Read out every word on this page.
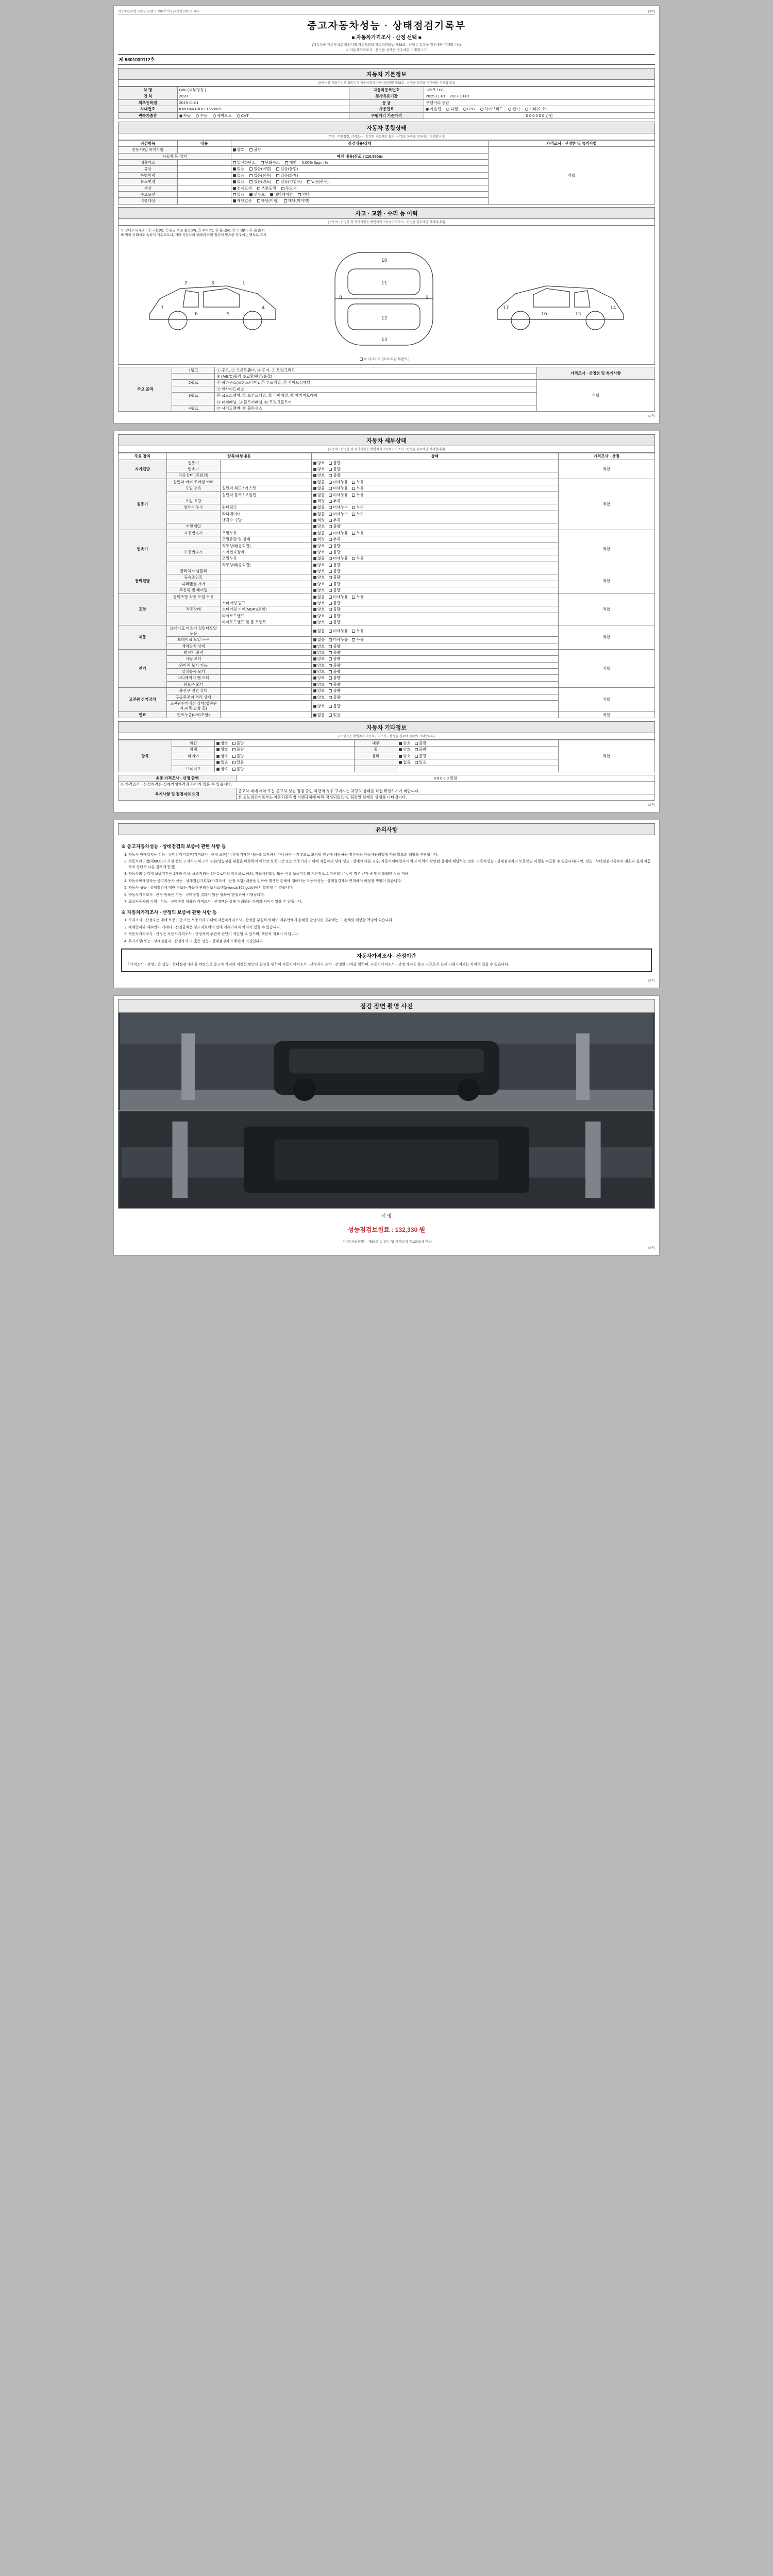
자동차관리법 시행규칙 [별지 제82호서식] <개정 2021.1.18.>	(3쪽)
중고자동차성능 · 상태점검기록부
■ 자동차가격조사 · 산정 선택 ■
(자동차를 가용가치로 확인지적 자동차관리 자동차관리법 제58조 · 산업용 동력을 경우에만 기재합니다)
※ 자동차가격조사 · 산정을 선택한 경우에만 기재합니다.
제 9601030112호
자동차 기본정보
(자동차를 가용가치로 확인지적 자동차관리 자동차관리법 제58조 · 산업용 동력을 경우에만 기재합니다)
차 명	G80 (세부명칭 )	자동차등록번호	122우7111
연 식	2020	검사유효기간	2025-11-01 ~ 2027-10-01
최초등록일	2019-11-01	등 급	주행거리 등급
차대번호	KMHJ4K1DDLL1559028	사용연료	가솔린 디젤 LPG 하이브리드 전기 기타(수소)
변속기종류	자동 수동 세미오토 CVT	주행거리 기준가격	0 0 0 0 0 0 만원
자동차 종합상태
(주행 · 주유점검, 가격조사 · 산정한 자동차만 용도 · 산업용 동력을 경우에만 기재합니다)
점검항목	내용	점검내용/상태	가격조사 · 산정한 및 특기사항
전동기/일 특기사항		양호 불량	적합
자동차 등 정기		해당 내용(전조 ) 110,950㎞	
배출가스		일산화탄소 탄화수소 매연 0.00% 5ppm %	
튜닝		없음 있음(적법) 있음(불법)	
특별이력		없음 있음(침수) 있음(화재)	
용도변경		없음 있음(렌트) 있음(영업용) 있음(관용)	
색상		전체도색 부분도색 무도색	
주요옵션		없음 선루프 내비게이션 기타	
리콜대상		해당없음 해당(이행) 해당(미이행)	
사고 · 교환 · 수리 등 이력
(자동차 · 산정한 및 특기사항은 확인지적 자동차가격조사 · 산정을 경우에만 기재합니다)
※ 상태표시 부호 : ① 교환(X), ② 판금 또는 용접(W), ③ 부식(C), ④ 흠집(A), ⑤ 요철(U), ⑥ 손상(T)
※ 위의 상태에도 속하지 기준으로서, 기타 자동차의 상태에 따라 점검이 필요한 경우에는 별도로 표시
7
6	5
4
3
2	1
10
11
12
13
8	9
14
15
16
17
※ 사고이력 (표시/외판 부품의 )
주요 골격	1랭크	① 후드, ② 프론트휀더, ③ 도어, ④ 트렁크리드	가격조사 · 산정한 및 특기사항
		⑤ (A/B/C)필러 ※교환/판금/용접)	
	2랭크	⑥ 휠하우스(프론트/리어), ⑦ 루프패널, ⑧ 사이드실패널	적합
		⑨ 인사이드패널	
	3랭크	⑩ 크로스멤버, ⑪ 프론트패널, ⑫ 리어패널, ⑬ 패키지트레이	
		⑭ 대쉬패널, ⑮ 플로어패널, ⑯ 트렁크플로어	
	4랭크	⑰ 사이드멤버, ⑱ 휠하우스	
(1쪽)
자동차 세부상태
(자동차 · 산정한 및 특기사항은 확인지적 자동차가격조사 · 산정을 경우에만 기재합니다)
주요 장치	항목/세부내용		상태	가격조사 · 산정
자가진단	원동기		양호 불량	적합
	변속기		양호 불량	
	작동상태 (공회전)		양호 불량	
원동기	실린더 커버 로커암 커버		없음 미세누유 누유	적합
	오일 누유	실린더 헤드 / 가스켓	없음 미세누유 누유	
		실린더 블록 / 오일팬	없음 미세누유 누유	
	오일 유량		적정 부족	
	냉각수 누수	워터펌프	없음 미세누수 누수	
		라디에이터	없음 미세누수 누수	
		냉각수 수량	적정 부족	
	커먼레일		양호 불량	
변속기	자동변속기	오일누유	없음 미세누유 누유	적합
		오일유량 및 상태	적정 부족	
		작동상태(공회전)	양호 불량	
	수동변속기	기어변속장치	양호 불량	
		오일누유	없음 미세누유 누유	
		작동상태(공회전)	양호 불량	
동력전달	클러치 어셈블리		양호 불량	적합
	등속조인트		양호 불량	
	디퍼렌셜 기어		양호 불량	
	추진축 및 베어링		양호 불량	
조향	동력조향 작동 오일 누유		없음 미세누유 누유	적합
		스티어링 펌프	양호 불량	
	작동상태	스티어링 기어(MDPS포함)	양호 불량	
		타이로드엔드	양호 불량	
		타이로드엔드 및 볼 조인트	양호 불량	
제동	브레이크 마스터 실린더오일 누유		없음 미세누유 누유	적합
	브레이크 오일 누유		없음 미세누유 누유	
	배력장치 상태		양호 불량	
전기	발전기 출력		양호 불량	적합
	시동 모터		양호 불량	
	와이퍼 모터 기능		양호 불량	
	실내송풍 모터		양호 불량	
	라디에이터 팬 모터		양호 불량	
	윈도우 모터		양호 불량	
고전원 전기장치	충전구 절연 상태		양호 불량	적합
	구동축전지 격리 상태		양호 불량	
	고전원전기배선 상태(접속단자,피복,손상 등)		양호 불량	
연료	연료누출(LPG포함)		없음 있음	적합
자동차 기타정보
(※ 항목은 확인지적 자동차가격조사 · 산정을 경우에 한하여 기재합니다)
항목	외관	양호 불량	내부	양호 불량	적합
	광택	양호 불량	휠	양호 불량	
	타이어	양호 불량	유리	양호 불량	
		없음 있음		없음 있음	
	브레이크	양호 불량			
최종 가격조사 · 산정 금액	0 0 0 0 0 만원
※ 가격조사 · 산정가격은 실제거래가격과 차이가 있을 수 있습니다.	
특기사항 및 점검자의 의견	중고차 매매 계약 또는 중고차 성능 점검 중인 차량의 경우 구매자는 차량의 상태를 직접 확인하시기 바랍니다.
	본 성능점검기록부는 자동차관리법 시행규칙에 따라 작성되었으며, 점검일 현재의 상태를 나타냅니다.
(2쪽)
유의사항
※ 중고자동차성능 · 상태점검의 보증에 관한 사항 등
1. 자동차 매매업자는 성능 · 상태점검기록부(가격조사 · 산정 포함) 비치에 기재된 내용을 고지하지 아니하거나 거짓으로 고지할 경우에 해당하는 경우에는 자동차관리법에 따라 별도의 책임을 부담합니다.
2. 자동차관리법(제58조)가 거짓 정보 고지거나 미고지 경우(성능점검 내용을 비롯하여 이력의 보증기간 또는 보증거리 이내에 자동차의 상태 성능 · 상태가 다른 경우, 자동차매매업자가 하자 이력이 확인된 상태에 해당하는 경우, 자동차성능 · 상태점검자의 보증책임 이행을 수급한 수 있습니다(다만, 성능 · 상태점검기록부의 내용과 실제 자동차의 상태가 다른 경우에 한정).
3. 자동차의 점검에 보증기간은 1개월 이상, 보증거리는 2천킬로미터 이상으로 하되, 자동차인도일 또는 서류 보증기간의 기산점으로 기산합니다. 이 경우 양자 중 먼저 도래한 것을 적용.
4. 자동차매매업자는 중고자동차 성능 · 상태점검기록부(가격조사 · 산정 포함) 내용을 인하여 발생한 손해에 대해서는 자동차성능 · 상태점검자와 연대하여 배상할 책임이 있습니다.
5. 자동차 성능 · 상태점검에 대한 정보는 자동차 관리정보시스템(www.car365.go.kr)에서 확인할 수 있습니다.
6. 자동차가격조사 · 산정 항목은 성능 · 상태점검 결과가 있는 항목에 한정하여 기재됩니다.
7. 중고자동차의 이력 · 성능 · 상태점검 내용과 가격조사 · 산정액은 실제 거래되는 가격과 차이가 있을 수 있습니다.
※ 자동차가격조사 · 산정의 보증에 관한 사항 등
1. 가격조사 · 산정자는 매매 보증기간 또는 보증거리 이내에 자동차가격조사 · 산정을 부실하게 하여 매수인에게 손해를 발생시킨 경우에는 그 손해를 배상할 책임이 있습니다.
2. 매매업자와 매수인이 거래시 · 산정금액은 참고자료이며 실제 거래가격과 차이가 있을 수 있습니다.
3. 자동차가격조사 · 산정은 자동차가격조사 · 산정자의 주관적 판단이 개입될 수 있으며, 객관적 지표가 아닙니다.
4. 특기사항(성능 · 상태점검자 · 산정자의 의견)은 성능 · 상태점검자의 주관적 의견입니다.
자동차가격조사 · 산정이란
「가격조사 · 산정」은 성능 · 상태점검 내용을 바탕으로 중고차 가격의 적정한 판단의 참고를 위하여 자동차가격조사 · 산정자가 조사 · 산정한 가격을 말하며, 자동차가격조사 · 산정 가격은 참고 자료로서 실제 거래가격과는 차이가 있을 수 있습니다.
(3쪽)
점검 장면 촬영 사진
서 명
성능점검보험료 : 132,330 원
「자동차관리법」 제58조 및 같은 법 시행규칙 제120조에 따라
(4쪽)
